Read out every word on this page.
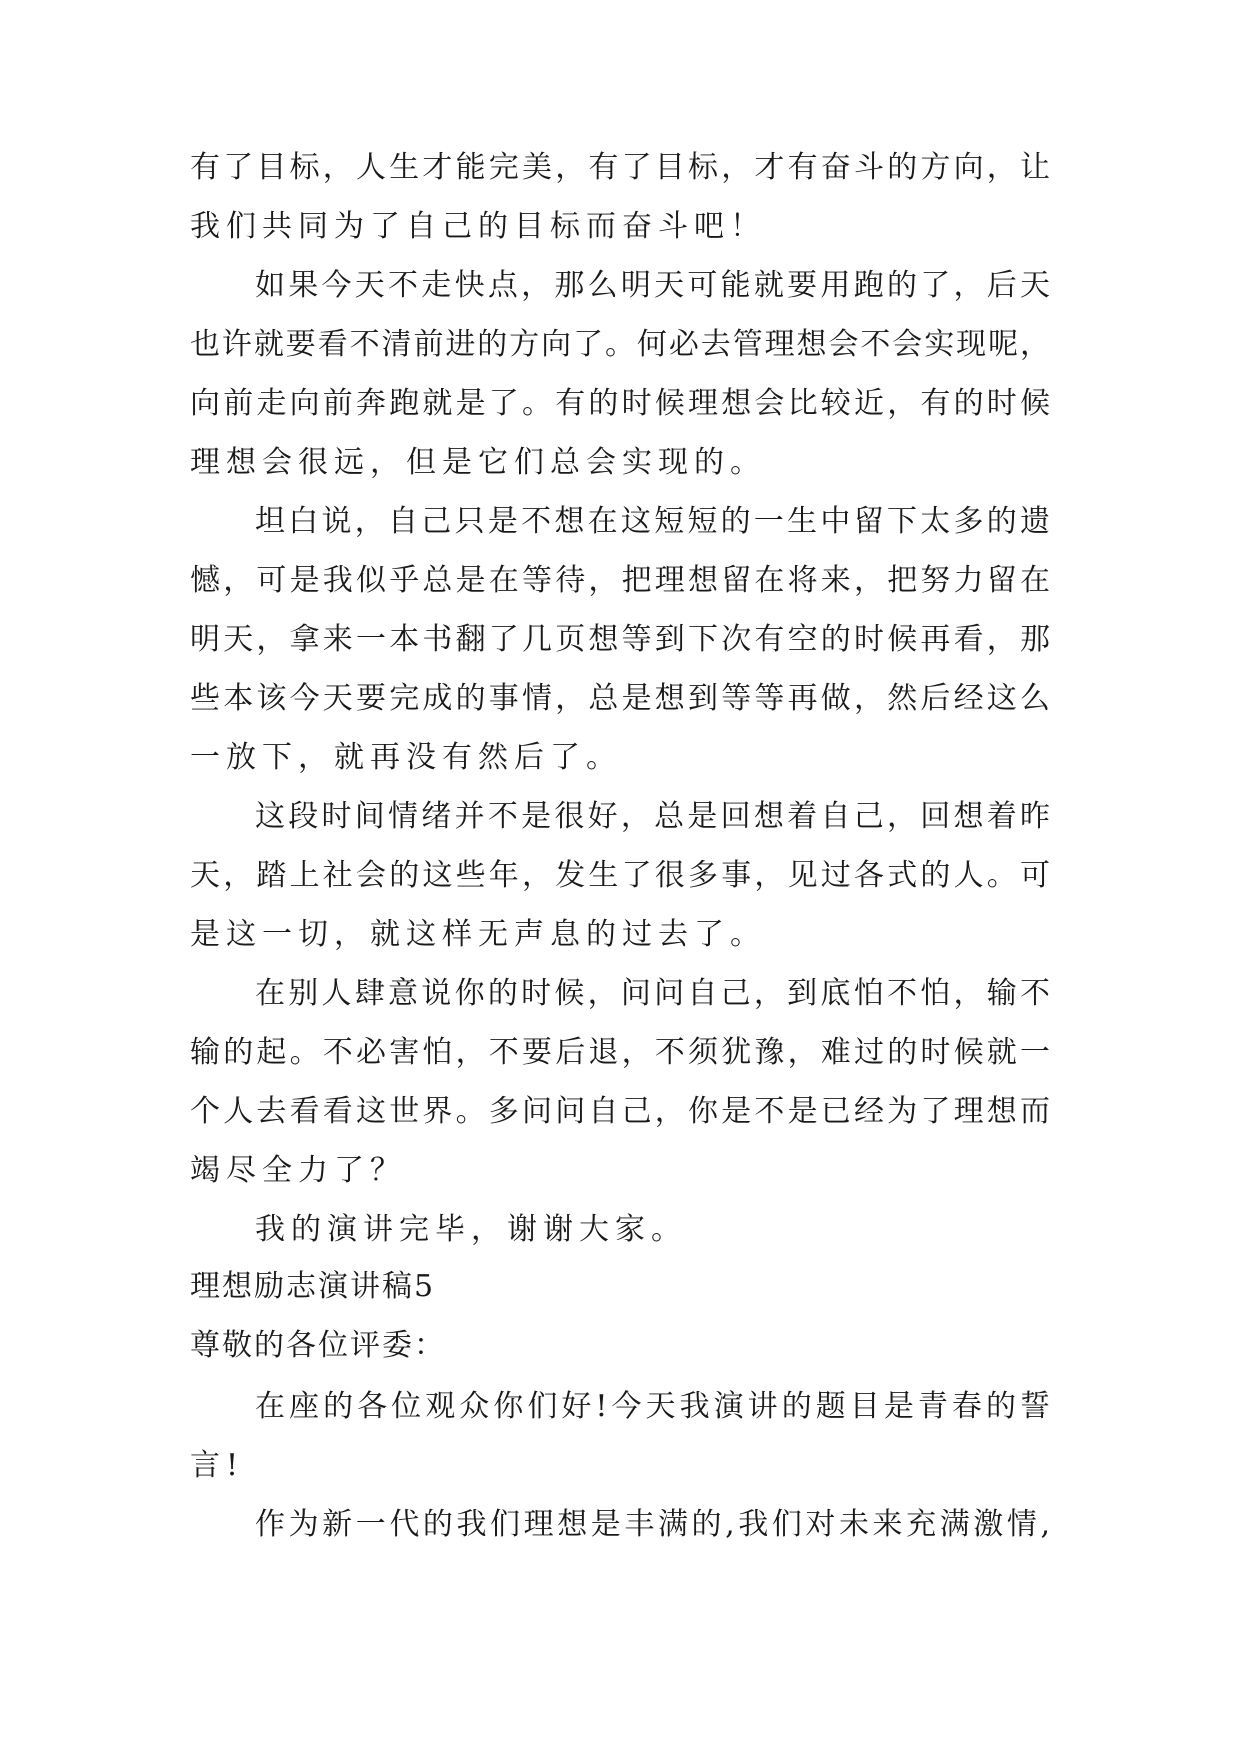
有了目标，人生才能完美，有了目标，才有奋斗的方向，让
我们共同为了自己的目标而奋斗吧！
如果今天不走快点，那么明天可能就要用跑的了，后天
也许就要看不清前进的方向了。何必去管理想会不会实现呢，
向前走向前奔跑就是了。有的时候理想会比较近，有的时候
理想会很远，但是它们总会实现的。
坦白说，自己只是不想在这短短的一生中留下太多的遗
憾，可是我似乎总是在等待，把理想留在将来，把努力留在
明天，拿来一本书翻了几页想等到下次有空的时候再看，那
些本该今天要完成的事情，总是想到等等再做，然后经这么
一放下，就再没有然后了。
这段时间情绪并不是很好，总是回想着自己，回想着昨
天，踏上社会的这些年，发生了很多事，见过各式的人。可
是这一切，就这样无声息的过去了。
在别人肆意说你的时候，问问自己，到底怕不怕，输不
输的起。不必害怕，不要后退，不须犹豫，难过的时候就一
个人去看看这世界。多问问自己，你是不是已经为了理想而
竭尽全力了？
我的演讲完毕，谢谢大家。
理想励志演讲稿5
尊敬的各位评委：
在座的各位观众你们好!今天我演讲的题目是青春的誓
言!
作为新一代的我们理想是丰满的,我们对未来充满激情,
